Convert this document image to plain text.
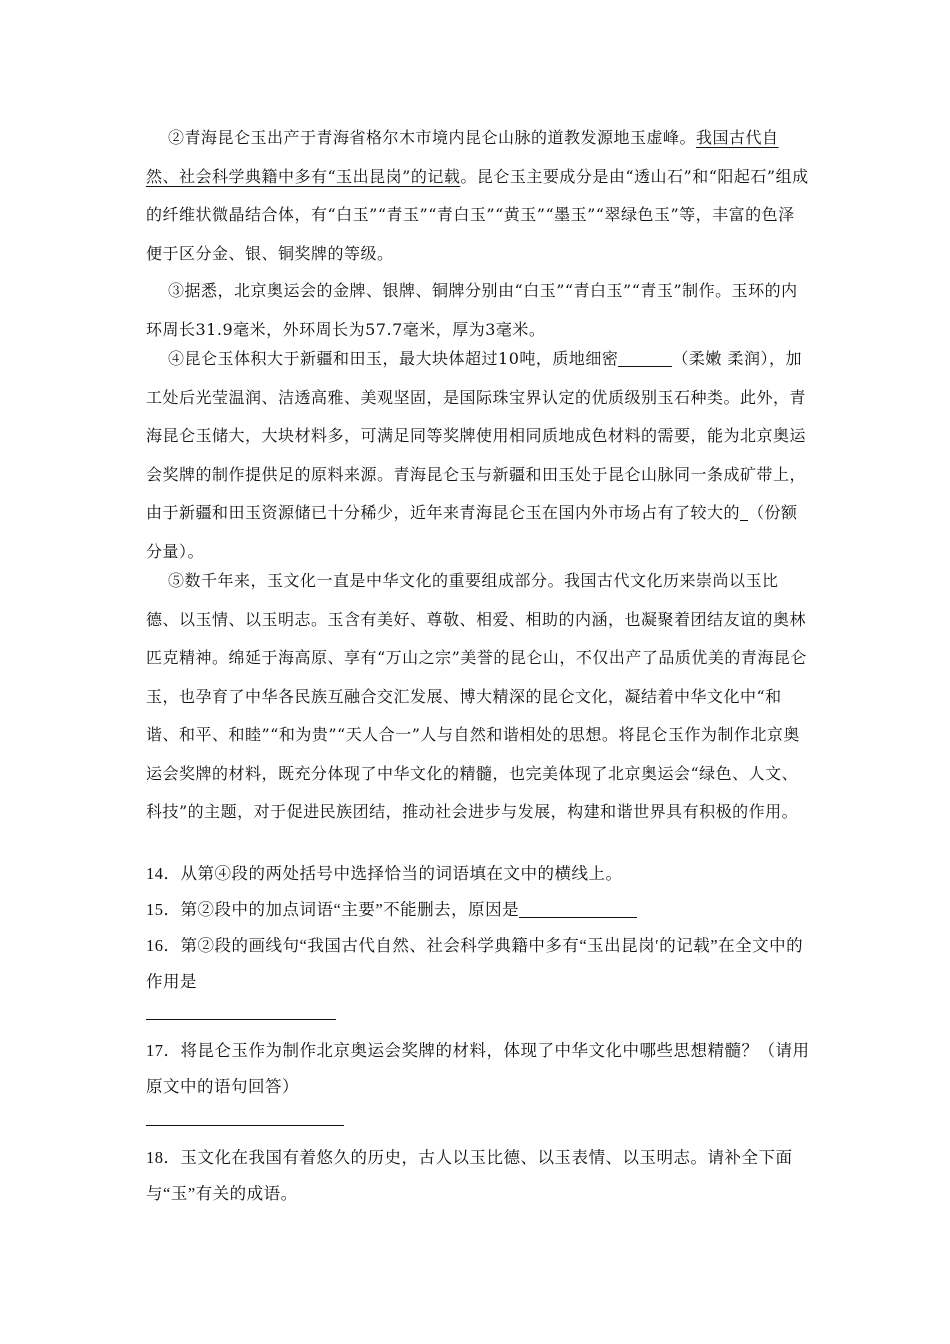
②青海昆仑玉出产于青海省格尔木市境内昆仑山脉的道教发源地玉虚峰。我国古代自然、社会科学典籍中多有“玉出昆岗”的记载。昆仑玉主要成分是由“透山石”和“阳起石”组成的纤维状微晶结合体，有“白玉”“青玉”“青白玉”“黄玉”“墨玉”“翠绿色玉”等，丰富的色泽便于区分金、银、铜奖牌的等级。
③据悉，北京奥运会的金牌、银牌、铜牌分别由“白玉”“青白玉”“青玉”制作。玉环的内环周长31.9毫米，外环周长为57.7毫米，厚为3毫米。
④昆仑玉体积大于新疆和田玉，最大块体超过10吨，质地细密	（柔嫩 柔润），加工处后光莹温润、洁透高雅、美观坚固，是国际珠宝界认定的优质级别玉石种类。此外，青海昆仑玉储大，大块材料多，可满足同等奖牌使用相同质地成色材料的需要，能为北京奥运会奖牌的制作提供足的原料来源。青海昆仑玉与新疆和田玉处于昆仑山脉同一条成矿带上，由于新疆和田玉资源储已十分稀少，近年来青海昆仑玉在国内外市场占有了较大的 （份额 分量）。
⑤数千年来，玉文化一直是中华文化的重要组成部分。我国古代文化历来崇尚以玉比德、以玉情、以玉明志。玉含有美好、尊敬、相爱、相助的内涵，也凝聚着团结友谊的奥林匹克精神。绵延于海高原、享有“万山之宗”美誉的昆仑山，不仅出产了品质优美的青海昆仑玉，也孕育了中华各民族互融合交汇发展、博大精深的昆仑文化，凝结着中华文化中“和谐、和平、和睦”“和为贵”“天人合一”人与自然和谐相处的思想。将昆仑玉作为制作北京奥运会奖牌的材料，既充分体现了中华文化的精髓，也完美体现了北京奥运会“绿色、人文、科技”的主题，对于促进民族团结，推动社会进步与发展，构建和谐世界具有积极的作用。
14．从第④段的两处括号中选择恰当的词语填在文中的横线上。
15．第②段中的加点词语“主要”不能删去，原因是
16．第②段的画线句“我国古代自然、社会科学典籍中多有“玉出昆岗′的记载”在全文中的作用是
17．将昆仑玉作为制作北京奥运会奖牌的材料，体现了中华文化中哪些思想精髓？（请用原文中的语句回答）
18．玉文化在我国有着悠久的历史，古人以玉比德、以玉表情、以玉明志。请补全下面与“玉”有关的成语。
